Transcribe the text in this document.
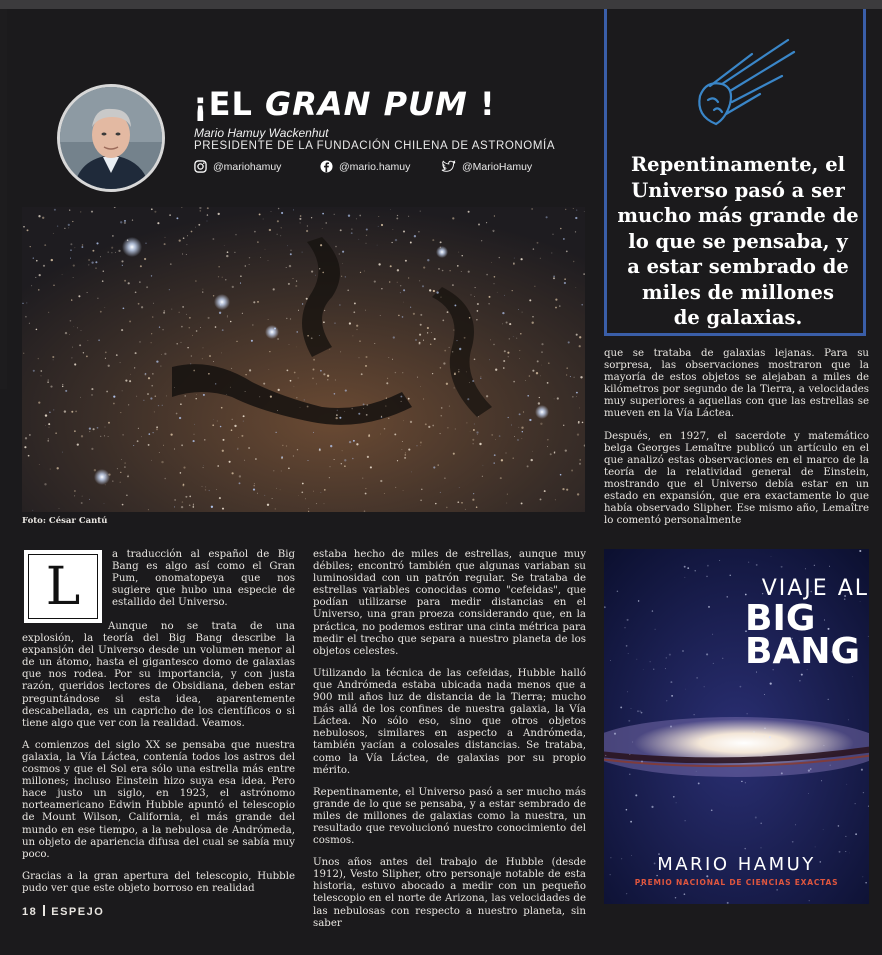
¡EL GRAN PUM !
Mario Hamuy Wackenhut
PRESIDENTE DE LA FUNDACIÓN CHILENA DE ASTRONOMÍA
@mariohamuy	@mario.hamuy	@MarioHamuy	Repentinamente, el
Universo pasó a ser
mucho más grande de
lo que se pensaba, y
a estar sembrado de
miles de millones
de galaxias.
Foto: César Cantú
L

a traducción al español de Big Bang es algo así como el Gran Pum, onomatopeya que nos sugiere que hubo una especie de estallido del Universo.

Aunque no se trata de una explosión, la teoría del Big Bang describe la expansión del Universo desde un volumen menor al de un átomo, hasta el gigantesco domo de galaxias que nos rodea. Por su importancia, y con justa razón, queridos lectores de Obsidiana, deben estar preguntándose si esta idea, aparentemente descabellada, es un capricho de los científicos o si tiene algo que ver con la realidad. Veamos.

A comienzos del siglo XX se pensaba que nuestra galaxia, la Vía Láctea, contenía todos los astros del cosmos y que el Sol era sólo una estrella más entre millones; incluso Einstein hizo suya esa idea. Pero hace justo un siglo, en 1923, el astrónomo norteamericano Edwin Hubble apuntó el telescopio de Mount Wilson, California, el más grande del mundo en ese tiempo, a la nebulosa de Andrómeda, un objeto de apariencia difusa del cual se sabía muy poco.

Gracias a la gran apertura del telescopio, Hubble pudo ver que este objeto borroso en realidad

estaba hecho de miles de estrellas, aunque muy débiles; encontró también que algunas variaban su luminosidad con un patrón regular. Se trataba de estrellas variables conocidas como "cefeidas", que podían utilizarse para medir distancias en el Universo, una gran proeza considerando que, en la práctica, no podemos estirar una cinta métrica para medir el trecho que separa a nuestro planeta de los objetos celestes.

Utilizando la técnica de las cefeidas, Hubble halló que Andrómeda estaba ubicada nada menos que a 900 mil años luz de distancia de la Tierra; mucho más allá de los confines de nuestra galaxia, la Vía Láctea. No sólo eso, sino que otros objetos nebulosos, similares en aspecto a Andrómeda, también yacían a colosales distancias. Se trataba, como la Vía Láctea, de galaxias por su propio mérito.

Repentinamente, el Universo pasó a ser mucho más grande de lo que se pensaba, y a estar sembrado de miles de millones de galaxias como la nuestra, un resultado que revolucionó nuestro conocimiento del cosmos.

Unos años antes del trabajo de Hubble (desde 1912), Vesto Slipher, otro personaje notable de esta historia, estuvo abocado a medir con un pequeño telescopio en el norte de Arizona, las velocidades de las nebulosas con respecto a nuestro planeta, sin saber

que se trataba de galaxias lejanas. Para su sorpresa, las observaciones mostraron que la mayoría de estos objetos se alejaban a miles de kilómetros por segundo de la Tierra, a velocidades muy superiores a aquellas con que las estrellas se mueven en la Vía Láctea.

Después, en 1927, el sacerdote y matemático belga Georges Lemaître publicó un artículo en el que analizó estas observaciones en el marco de la teoría de la relatividad general de Einstein, mostrando que el Universo debía estar en un estado en expansión, que era exactamente lo que había observado Slipher. Ese mismo año, Lemaître lo comentó personalmente

VIAJE AL
BIG
BANG
MARIO HAMUY
PREMIO NACIONAL DE CIENCIAS EXACTAS
18 ESPEJO
